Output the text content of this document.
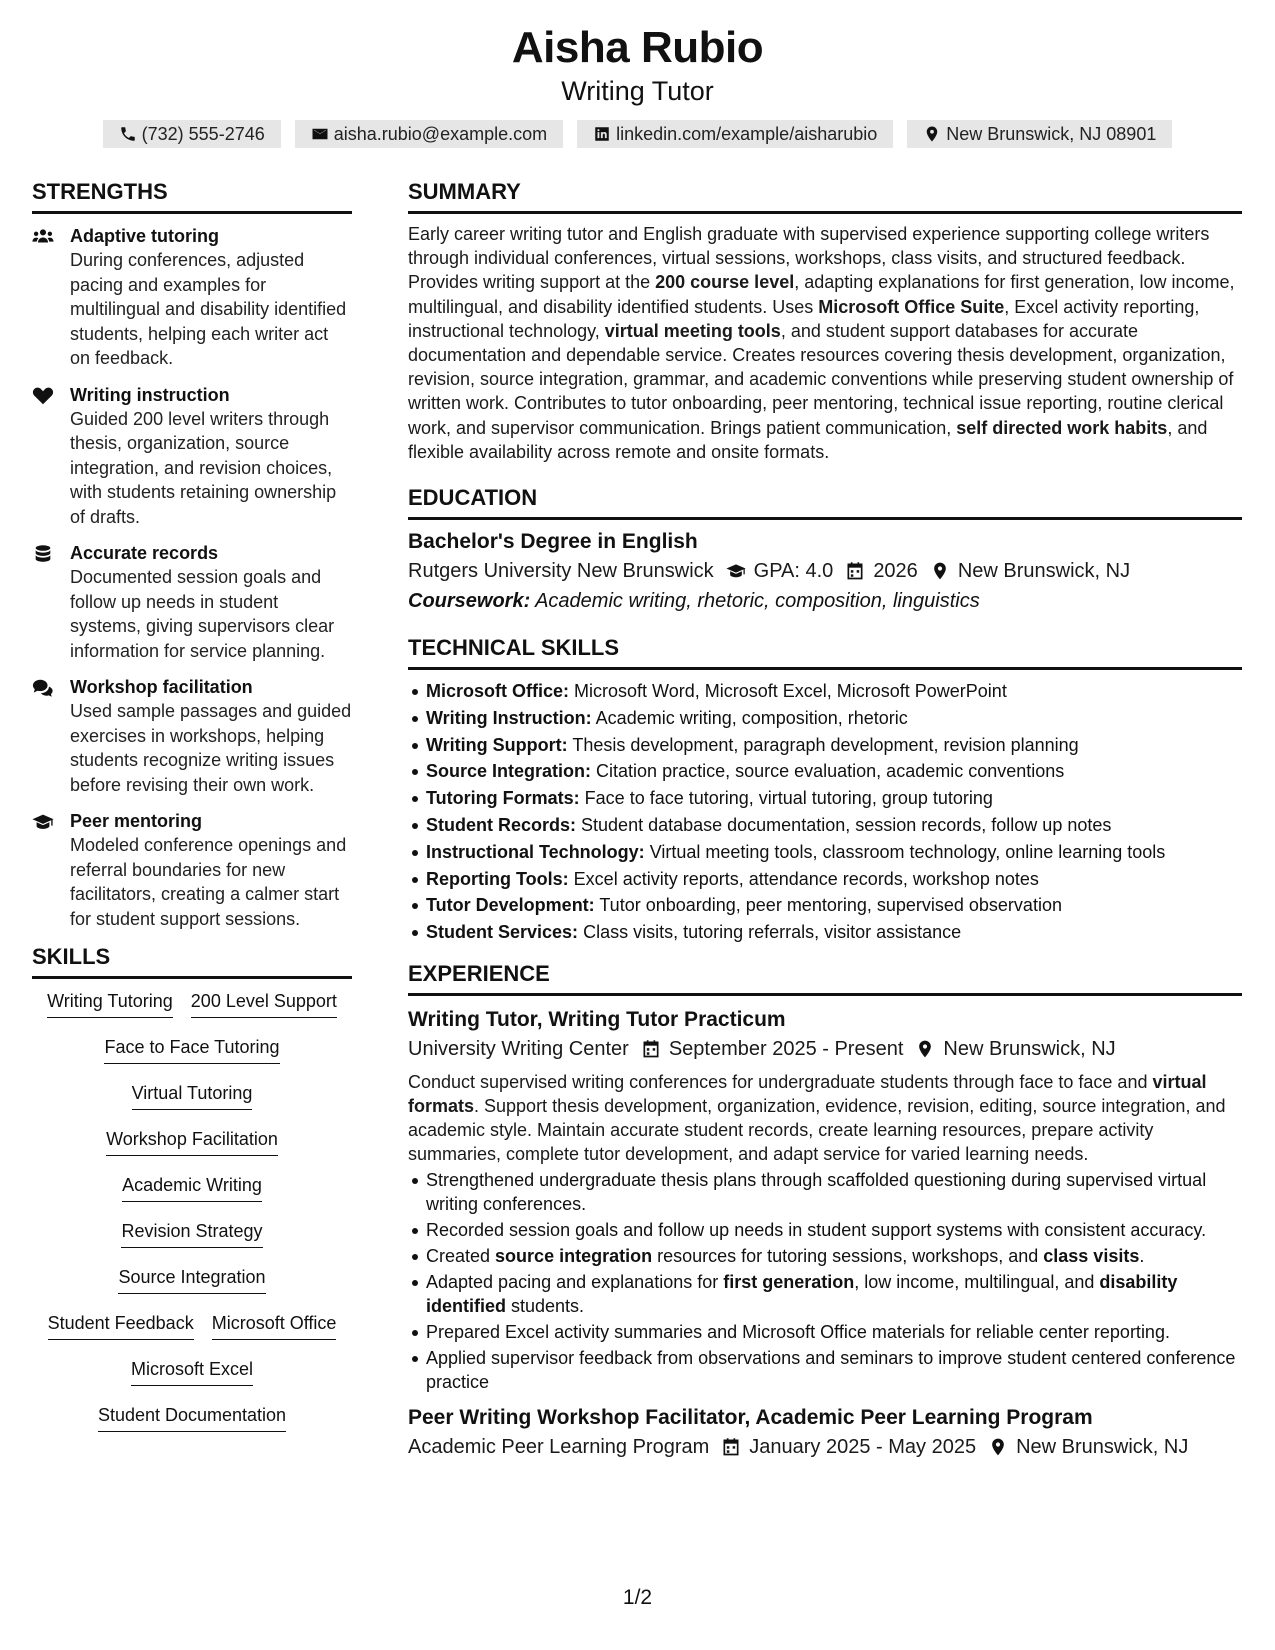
Aisha Rubio
Writing Tutor
(732) 555-2746	aisha.rubio@example.com	linkedin.com/example/aisharubio	New Brunswick, NJ 08901
STRENGTHS
Adaptive tutoring
During conferences, adjusted pacing and examples for multilingual and disability identified students, helping each writer act on feedback.
Writing instruction
Guided 200 level writers through thesis, organization, source integration, and revision choices, with students retaining ownership of drafts.
Accurate records
Documented session goals and follow up needs in student systems, giving supervisors clear information for service planning.
Workshop facilitation
Used sample passages and guided exercises in workshops, helping students recognize writing issues before revising their own work.
Peer mentoring
Modeled conference openings and referral boundaries for new facilitators, creating a calmer start for student support sessions.
SKILLS
Writing Tutoring 200 Level Support
Face to Face Tutoring
Virtual Tutoring
Workshop Facilitation
Academic Writing
Revision Strategy
Source Integration
Student Feedback Microsoft Office
Microsoft Excel
Student Documentation
SUMMARY
Early career writing tutor and English graduate with supervised experience supporting college writers through individual conferences, virtual sessions, workshops, class visits, and structured feedback. Provides writing support at the 200 course level, adapting explanations for first generation, low income, multilingual, and disability identified students. Uses Microsoft Office Suite, Excel activity reporting, instructional technology, virtual meeting tools, and student support databases for accurate documentation and dependable service. Creates resources covering thesis development, organization, revision, source integration, grammar, and academic conventions while preserving student ownership of written work. Contributes to tutor onboarding, peer mentoring, technical issue reporting, routine clerical work, and supervisor communication. Brings patient communication, self directed work habits, and flexible availability across remote and onsite formats.
EDUCATION
Bachelor's Degree in English
Rutgers University New Brunswick GPA: 4.0 2026 New Brunswick, NJ
Coursework: Academic writing, rhetoric, composition, linguistics
TECHNICAL SKILLS
Microsoft Office: Microsoft Word, Microsoft Excel, Microsoft PowerPoint
Writing Instruction: Academic writing, composition, rhetoric
Writing Support: Thesis development, paragraph development, revision planning
Source Integration: Citation practice, source evaluation, academic conventions
Tutoring Formats: Face to face tutoring, virtual tutoring, group tutoring
Student Records: Student database documentation, session records, follow up notes
Instructional Technology: Virtual meeting tools, classroom technology, online learning tools
Reporting Tools: Excel activity reports, attendance records, workshop notes
Tutor Development: Tutor onboarding, peer mentoring, supervised observation
Student Services: Class visits, tutoring referrals, visitor assistance
EXPERIENCE
Writing Tutor, Writing Tutor Practicum
University Writing Center September 2025 - Present New Brunswick, NJ
Conduct supervised writing conferences for undergraduate students through face to face and virtual formats. Support thesis development, organization, evidence, revision, editing, source integration, and academic style. Maintain accurate student records, create learning resources, prepare activity summaries, complete tutor development, and adapt service for varied learning needs.
Strengthened undergraduate thesis plans through scaffolded questioning during supervised virtual writing conferences.
Recorded session goals and follow up needs in student support systems with consistent accuracy.
Created source integration resources for tutoring sessions, workshops, and class visits.
Adapted pacing and explanations for first generation, low income, multilingual, and disability identified students.
Prepared Excel activity summaries and Microsoft Office materials for reliable center reporting.
Applied supervisor feedback from observations and seminars to improve student centered conference practice
Peer Writing Workshop Facilitator, Academic Peer Learning Program
Academic Peer Learning Program January 2025 - May 2025 New Brunswick, NJ
1/2
